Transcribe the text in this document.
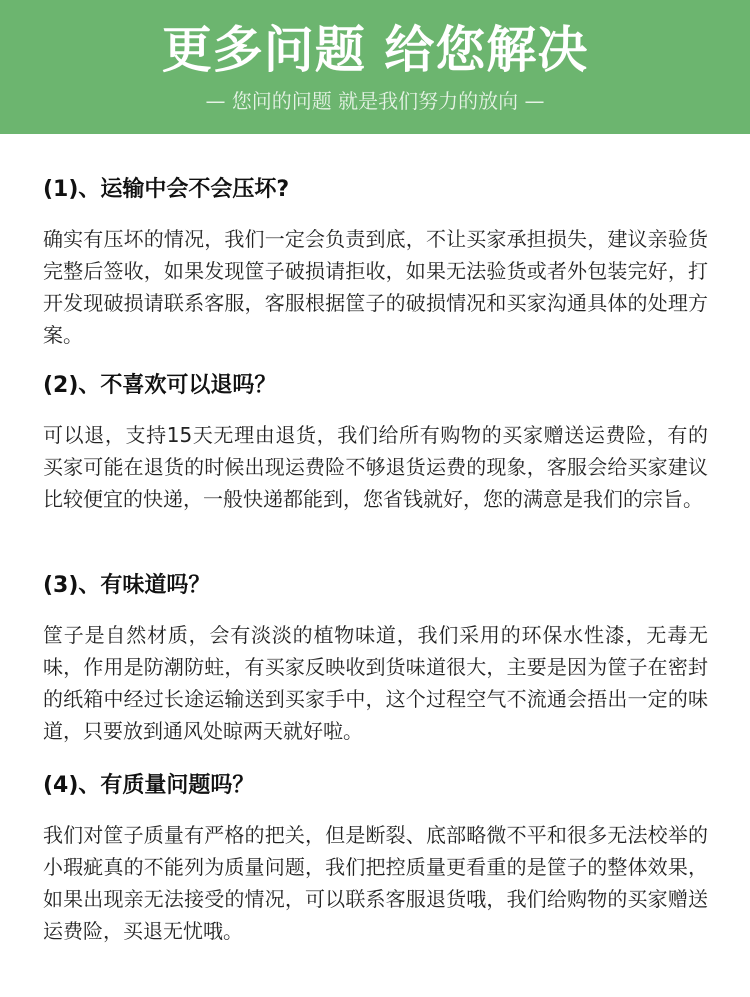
更多问题 给您解决
— 您问的问题 就是我们努力的放向 —
(1)、运输中会不会压坏?
确实有压坏的情况，我们一定会负责到底，不让买家承担损失，建议亲验货完整后签收，如果发现筐子破损请拒收，如果无法验货或者外包装完好，打开发现破损请联系客服，客服根据筐子的破损情况和买家沟通具体的处理方案。
(2)、不喜欢可以退吗？
可以退，支持15天无理由退货，我们给所有购物的买家赠送运费险，有的买家可能在退货的时候出现运费险不够退货运费的现象，客服会给买家建议比较便宜的快递，一般快递都能到，您省钱就好，您的满意是我们的宗旨。
(3)、有味道吗？
筐子是自然材质，会有淡淡的植物味道，我们采用的环保水性漆，无毒无味，作用是防潮防蛀，有买家反映收到货味道很大，主要是因为筐子在密封的纸箱中经过长途运输送到买家手中，这个过程空气不流通会捂出一定的味道，只要放到通风处晾两天就好啦。
(4)、有质量问题吗？
我们对筐子质量有严格的把关，但是断裂、底部略微不平和很多无法校举的小瑕疵真的不能列为质量问题，我们把控质量更看重的是筐子的整体效果，如果出现亲无法接受的情况，可以联系客服退货哦，我们给购物的买家赠送运费险，买退无忧哦。
